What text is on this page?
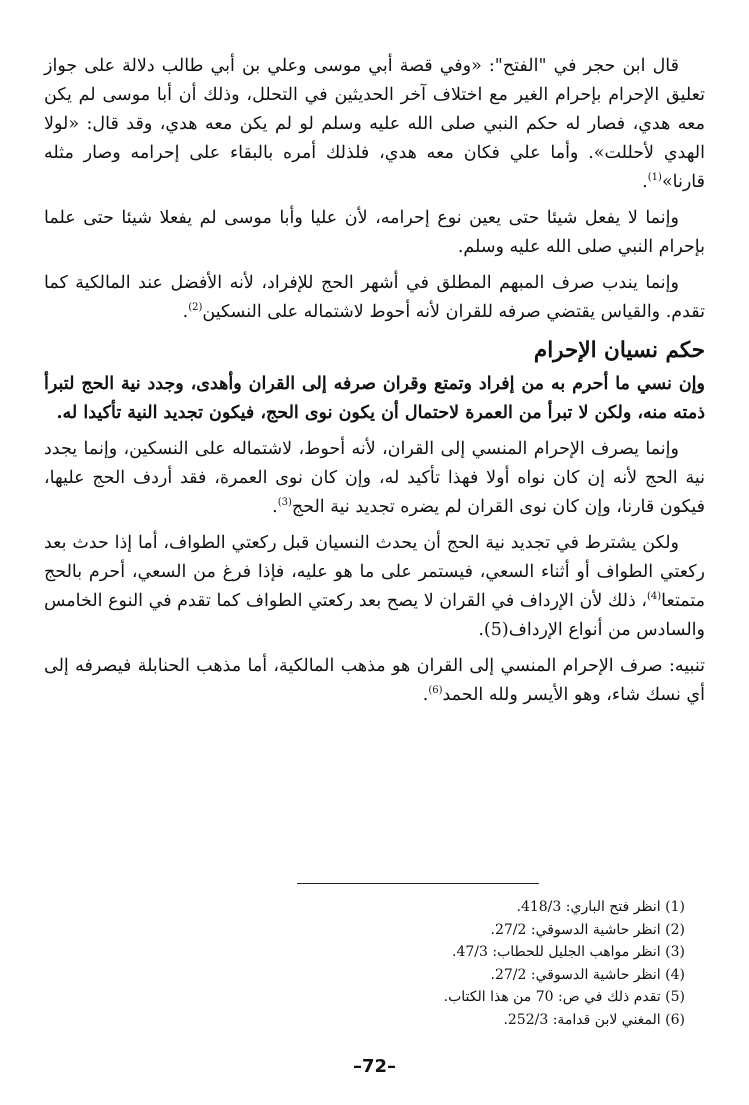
قال ابن حجر في "الفتح": «وفي قصة أبي موسى وعلي بن أبي طالب دلالة على جواز تعليق الإحرام بإحرام الغير مع اختلاف آخر الحديثين في التحلل، وذلك أن أبا موسى لم يكن معه هدي، فصار له حكم النبي صلى الله عليه وسلم لو لم يكن معه هدي، وقد قال: «لولا الهدي لأحللت». وأما علي فكان معه هدي، فلذلك أمره بالبقاء على إحرامه وصار مثله قارنا»$^{(1)}$.

وإنما لا يفعل شيئا حتى يعين نوع إحرامه، لأن عليا وأبا موسى لم يفعلا شيئا حتى علما بإحرام النبي صلى الله عليه وسلم.

وإنما يندب صرف المبهم المطلق في أشهر الحج للإفراد، لأنه الأفضل عند المالكية كما تقدم. والقياس يقتضي صرفه للقران لأنه أحوط لاشتماله على النسكين$^{(2)}$.

حكم نسيان الإحرام

وإن نسي ما أحرم به من إفراد وتمتع وقران صرفه إلى القران وأهدى، وجدد نية الحج لتبرأ ذمته منه، ولكن لا تبرأ من العمرة لاحتمال أن يكون نوى الحج، فيكون تجديد النية تأكيدا له.

وإنما يصرف الإحرام المنسي إلى القران، لأنه أحوط، لاشتماله على النسكين، وإنما يجدد نية الحج لأنه إن كان نواه أولا فهذا تأكيد له، وإن كان نوى العمرة، فقد أردف الحج عليها، فيكون قارنا، وإن كان نوى القران لم يضره تجديد نية الحج$^{(3)}$.

ولكن يشترط في تجديد نية الحج أن يحدث النسيان قبل ركعتي الطواف، أما إذا حدث بعد ركعتي الطواف أو أثناء السعي، فيستمر على ما هو عليه، فإذا فرغ من السعي، أحرم بالحج متمتعا$^{(4)}$، ذلك لأن الإرداف في القران لا يصح بعد ركعتي الطواف كما تقدم في النوع الخامس والسادس من أنواع الإرداف(5).

تنبيه: صرف الإحرام المنسي إلى القران هو مذهب المالكية، أما مذهب الحنابلة فيصرفه إلى أي نسك شاء، وهو الأيسر ولله الحمد$^{(6)}$.

(1) انظر فتح الباري: 418/3.
(2) انظر حاشية الدسوقي: 27/2.
(3) انظر مواهب الجليل للحطاب: 47/3.
(4) انظر حاشية الدسوقي: 27/2.
(5) تقدم ذلك في ص: 70 من هذا الكتاب.
(6) المغني لابن قدامة: 252/3.
–72–
